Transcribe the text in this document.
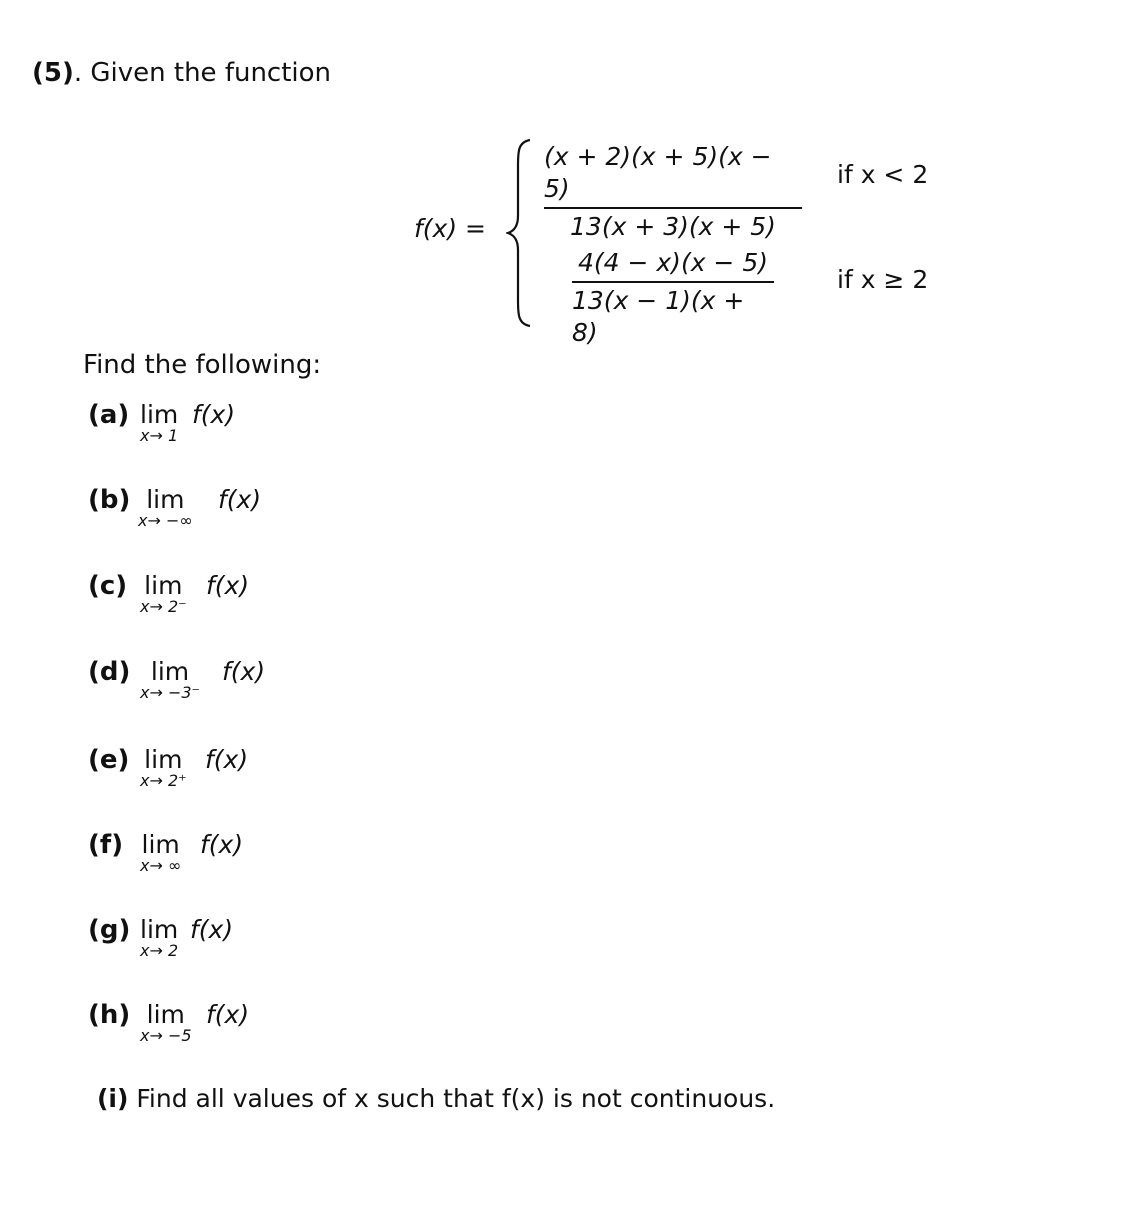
(5). Given the function
f(x) =
(x + 2)(x + 5)(x − 5)
13(x + 3)(x + 5)
if x < 2
4(4 − x)(x − 5)
13(x − 1)(x + 8)
if x ≥ 2
Find the following:
(a) lim
x→ 1
f(x)
(b) lim
x→ −∞
f(x)
(c) lim
x→ 2⁻
f(x)
(d) lim
x→ −3⁻
f(x)
(e) lim
x→ 2⁺
f(x)
(f) lim
x→ ∞
f(x)
(g) lim
x→ 2
f(x)
(h) lim
x→ −5
f(x)
(i) Find all values of x such that f(x) is not continuous.
